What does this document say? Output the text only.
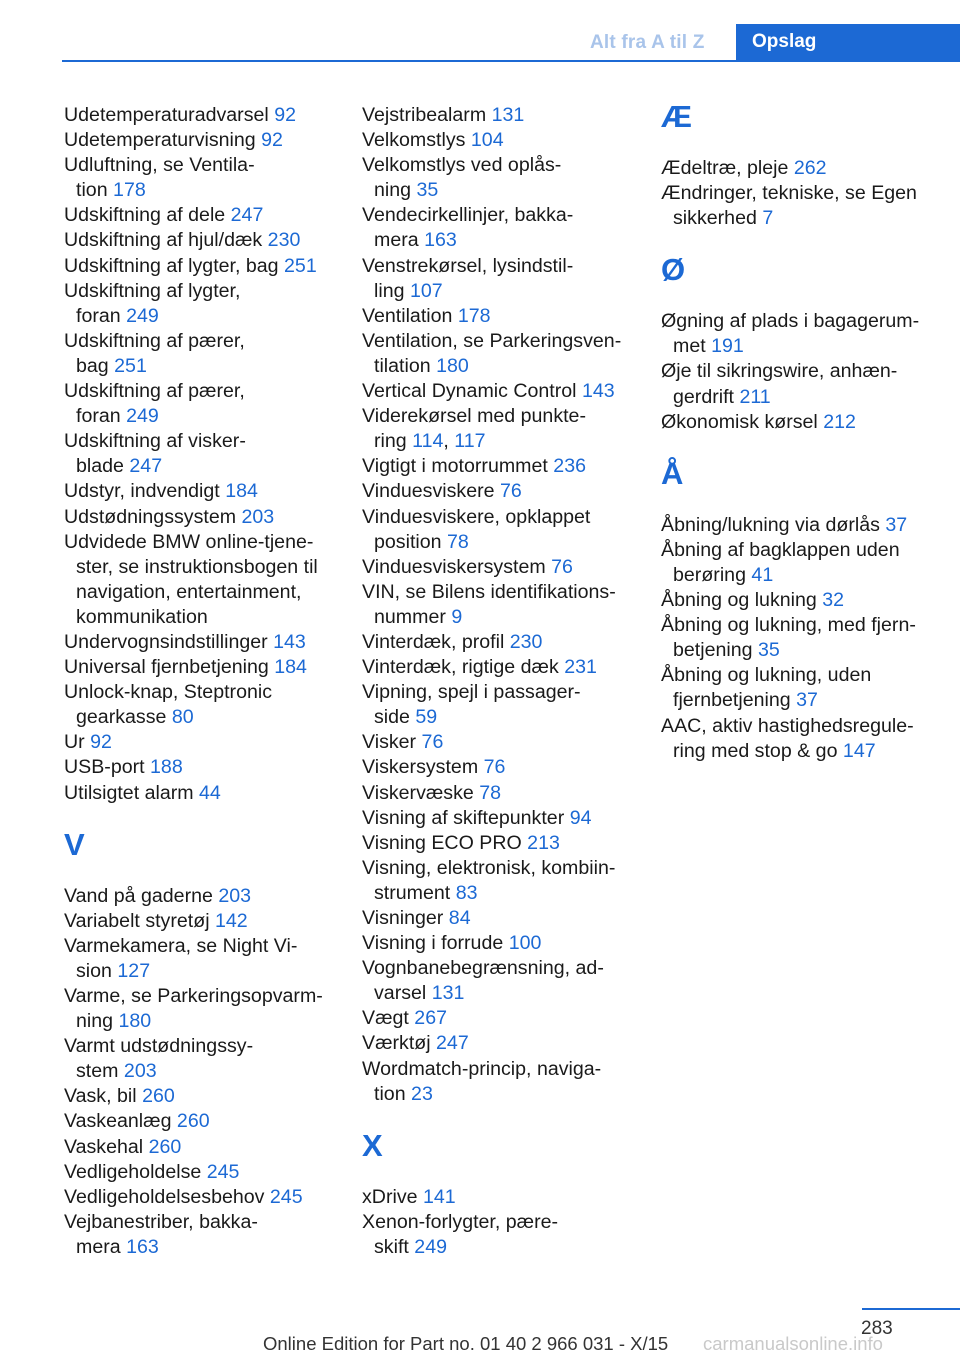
Alt fra A til Z Opslag

Udetemperaturadvarsel 92

Udetemperaturvisning 92

Udluftning, se Ventila-
tion 178

Udskiftning af dele 247

Udskiftning af hjul/dæk 230

Udskiftning af lygter, bag 251

Udskiftning af lygter,
foran 249

Udskiftning af pærer,
bag 251

Udskiftning af pærer,
foran 249

Udskiftning af visker-
blade 247

Udstyr, indvendigt 184

Udstødningssystem 203

Udvidede BMW online-tjene-
ster, se instruktionsbogen til
navigation, entertainment,
kommunikation

Undervognsindstillinger 143

Universal fjernbetjening 184

Unlock-knap, Steptronic
gearkasse 80

Ur 92

USB-port 188

Utilsigtet alarm 44

V

Vand på gaderne 203

Variabelt styretøj 142

Varmekamera, se Night Vi-
sion 127

Varme, se Parkeringsopvarm-
ning 180

Varmt udstødningssy-
stem 203

Vask, bil 260

Vaskeanlæg 260

Vaskehal 260

Vedligeholdelse 245

Vedligeholdelsesbehov 245

Vejbanestriber, bakka-
mera 163

Vejstribealarm 131

Velkomstlys 104

Velkomstlys ved oplås-
ning 35

Vendecirkellinjer, bakka-
mera 163

Venstrekørsel, lysindstil-
ling 107

Ventilation 178

Ventilation, se Parkeringsven-
tilation 180

Vertical Dynamic Control 143

Viderekørsel med punkte-
ring 114, 117

Vigtigt i motorrummet 236

Vinduesviskere 76

Vinduesviskere, opklappet
position 78

Vinduesviskersystem 76

VIN, se Bilens identifikations-
nummer 9

Vinterdæk, profil 230

Vinterdæk, rigtige dæk 231

Vipning, spejl i passager-
side 59

Visker 76

Viskersystem 76

Viskervæske 78

Visning af skiftepunkter 94

Visning ECO PRO 213

Visning, elektronisk, kombiin-
strument 83

Visninger 84

Visning i forrude 100

Vognbanebegrænsning, ad-
varsel 131

Vægt 267

Værktøj 247

Wordmatch-princip, naviga-
tion 23

X

xDrive 141

Xenon-forlygter, pære-
skift 249

Æ

Ædeltræ, pleje 262

Ændringer, tekniske, se Egen
sikkerhed 7

Ø

Øgning af plads i bagagerum-
met 191

Øje til sikringswire, anhæn-
gerdrift 211

Økonomisk kørsel 212

Å

Åbning/lukning via dørlås 37

Åbning af bagklappen uden
berøring 41

Åbning og lukning 32

Åbning og lukning, med fjern-
betjening 35

Åbning og lukning, uden
fjernbetjening 37

AAC, aktiv hastighedsregule-
ring med stop & go 147

283
Online Edition for Part no. 01 40 2 966 031 - X/15 carmanualsonline.info
